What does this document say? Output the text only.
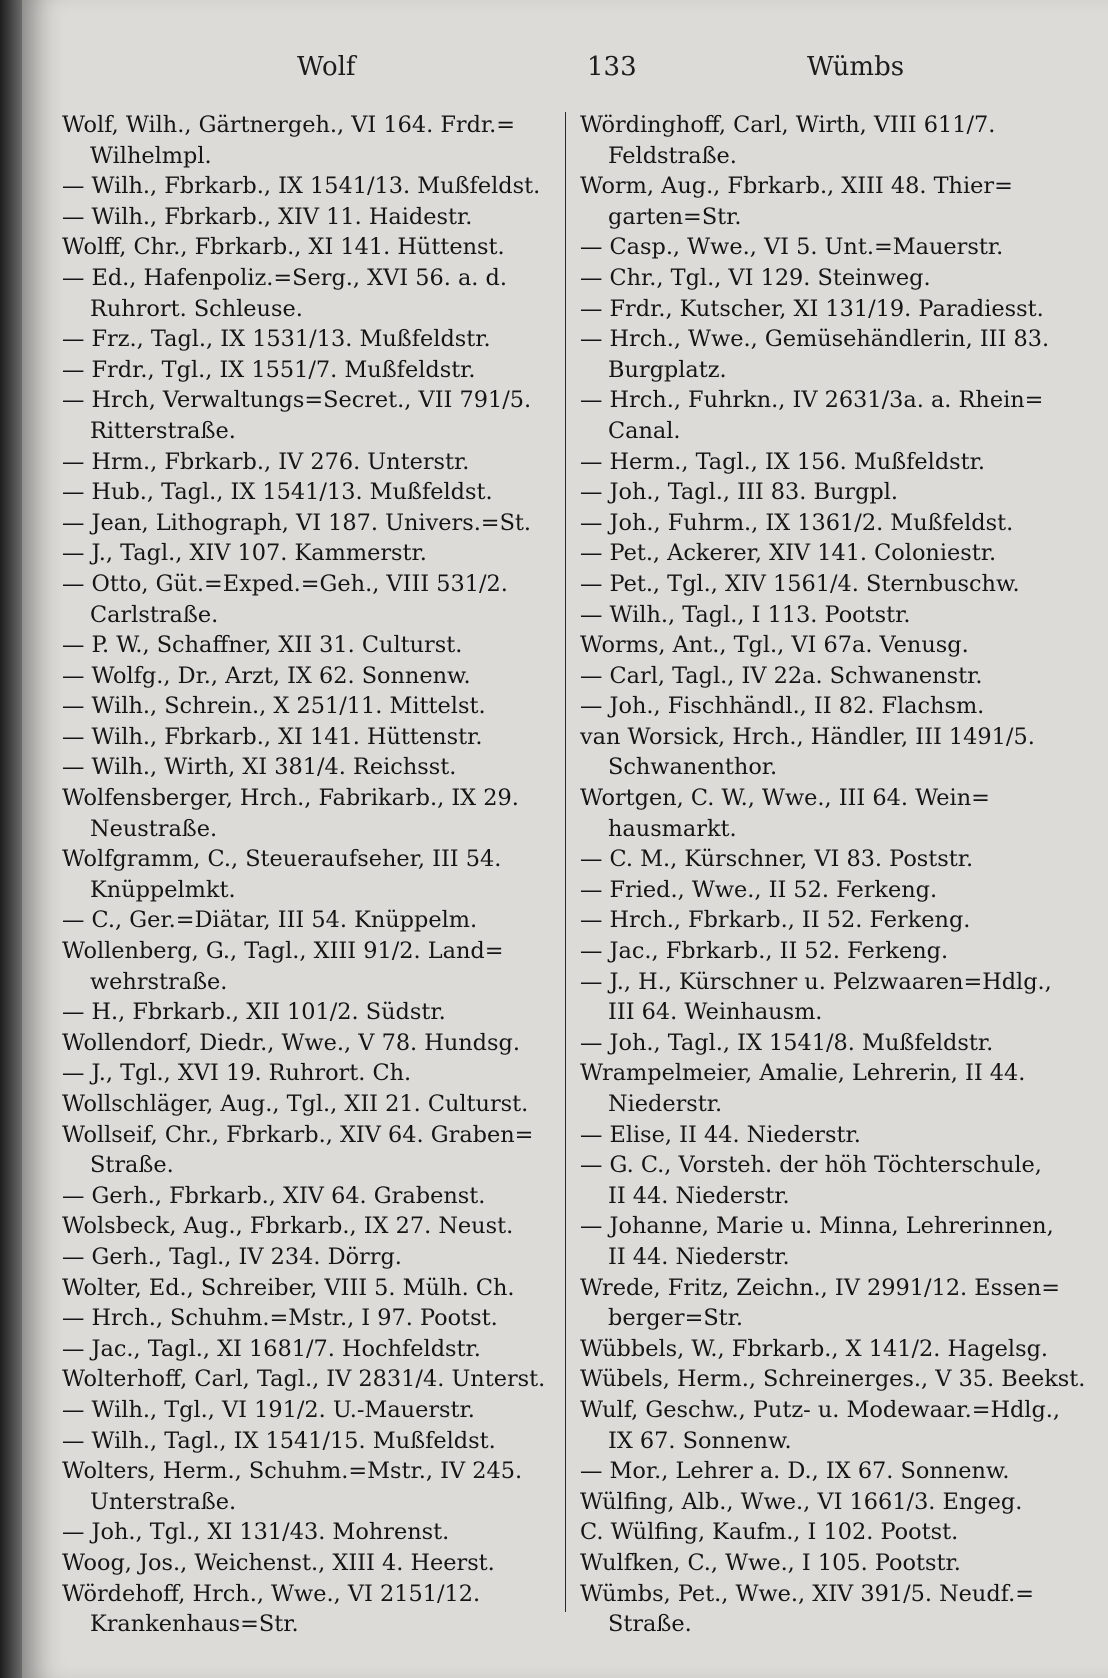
Wolf	133	Wümbs
Wolf, Wilh., Gärtnergeh., VI 164. Frdr.=
Wilhelmpl.
— Wilh., Fbrkarb., IX 1541/13. Mußfeldst.
— Wilh., Fbrkarb., XIV 11. Haidestr.
Wolff, Chr., Fbrkarb., XI 141. Hüttenst.
— Ed., Hafenpoliz.=Serg., XVI 56. a. d.
Ruhrort. Schleuse.
— Frz., Tagl., IX 1531/13. Mußfeldstr.
— Frdr., Tgl., IX 1551/7. Mußfeldstr.
— Hrch, Verwaltungs=Secret., VII 791/5.
Ritterstraße.
— Hrm., Fbrkarb., IV 276. Unterstr.
— Hub., Tagl., IX 1541/13. Mußfeldst.
— Jean, Lithograph, VI 187. Univers.=St.
— J., Tagl., XIV 107. Kammerstr.
— Otto, Güt.=Exped.=Geh., VIII 531/2.
Carlstraße.
— P. W., Schaffner, XII 31. Culturst.
— Wolfg., Dr., Arzt, IX 62. Sonnenw.
— Wilh., Schrein., X 251/11. Mittelst.
— Wilh., Fbrkarb., XI 141. Hüttenstr.
— Wilh., Wirth, XI 381/4. Reichsst.
Wolfensberger, Hrch., Fabrikarb., IX 29.
Neustraße.
Wolfgramm, C., Steueraufseher, III 54.
Knüppelmkt.
— C., Ger.=Diätar, III 54. Knüppelm.
Wollenberg, G., Tagl., XIII 91/2. Land=
wehrstraße.
— H., Fbrkarb., XII 101/2. Südstr.
Wollendorf, Diedr., Wwe., V 78. Hundsg.
— J., Tgl., XVI 19. Ruhrort. Ch.
Wollschläger, Aug., Tgl., XII 21. Culturst.
Wollseif, Chr., Fbrkarb., XIV 64. Graben=
Straße.
— Gerh., Fbrkarb., XIV 64. Grabenst.
Wolsbeck, Aug., Fbrkarb., IX 27. Neust.
— Gerh., Tagl., IV 234. Dörrg.
Wolter, Ed., Schreiber, VIII 5. Mülh. Ch.
— Hrch., Schuhm.=Mstr., I 97. Pootst.
— Jac., Tagl., XI 1681/7. Hochfeldstr.
Wolterhoff, Carl, Tagl., IV 2831/4. Unterst.
— Wilh., Tgl., VI 191/2. U.-Mauerstr.
— Wilh., Tagl., IX 1541/15. Mußfeldst.
Wolters, Herm., Schuhm.=Mstr., IV 245.
Unterstraße.
— Joh., Tgl., XI 131/43. Mohrenst.
Woog, Jos., Weichenst., XIII 4. Heerst.
Wördehoff, Hrch., Wwe., VI 2151/12.
Krankenhaus=Str.
Wördinghoff, Carl, Wirth, VIII 611/7.
Feldstraße.
Worm, Aug., Fbrkarb., XIII 48. Thier=
garten=Str.
— Casp., Wwe., VI 5. Unt.=Mauerstr.
— Chr., Tgl., VI 129. Steinweg.
— Frdr., Kutscher, XI 131/19. Paradiesst.
— Hrch., Wwe., Gemüsehändlerin, III 83.
Burgplatz.
— Hrch., Fuhrkn., IV 2631/3a. a. Rhein=
Canal.
— Herm., Tagl., IX 156. Mußfeldstr.
— Joh., Tagl., III 83. Burgpl.
— Joh., Fuhrm., IX 1361/2. Mußfeldst.
— Pet., Ackerer, XIV 141. Coloniestr.
— Pet., Tgl., XIV 1561/4. Sternbuschw.
— Wilh., Tagl., I 113. Pootstr.
Worms, Ant., Tgl., VI 67a. Venusg.
— Carl, Tagl., IV 22a. Schwanenstr.
— Joh., Fischhändl., II 82. Flachsm.
van Worsick, Hrch., Händler, III 1491/5.
Schwanenthor.
Wortgen, C. W., Wwe., III 64. Wein=
hausmarkt.
— C. M., Kürschner, VI 83. Poststr.
— Fried., Wwe., II 52. Ferkeng.
— Hrch., Fbrkarb., II 52. Ferkeng.
— Jac., Fbrkarb., II 52. Ferkeng.
— J., H., Kürschner u. Pelzwaaren=Hdlg.,
III 64. Weinhausm.
— Joh., Tagl., IX 1541/8. Mußfeldstr.
Wrampelmeier, Amalie, Lehrerin, II 44.
Niederstr.
— Elise, II 44. Niederstr.
— G. C., Vorsteh. der höh Töchterschule,
II 44. Niederstr.
— Johanne, Marie u. Minna, Lehrerinnen,
II 44. Niederstr.
Wrede, Fritz, Zeichn., IV 2991/12. Essen=
berger=Str.
Wübbels, W., Fbrkarb., X 141/2. Hagelsg.
Wübels, Herm., Schreinerges., V 35. Beekst.
Wulf, Geschw., Putz- u. Modewaar.=Hdlg.,
IX 67. Sonnenw.
— Mor., Lehrer a. D., IX 67. Sonnenw.
Wülfing, Alb., Wwe., VI 1661/3. Engeg.
C. Wülfing, Kaufm., I 102. Pootst.
Wulfken, C., Wwe., I 105. Pootstr.
Wümbs, Pet., Wwe., XIV 391/5. Neudf.=
Straße.
